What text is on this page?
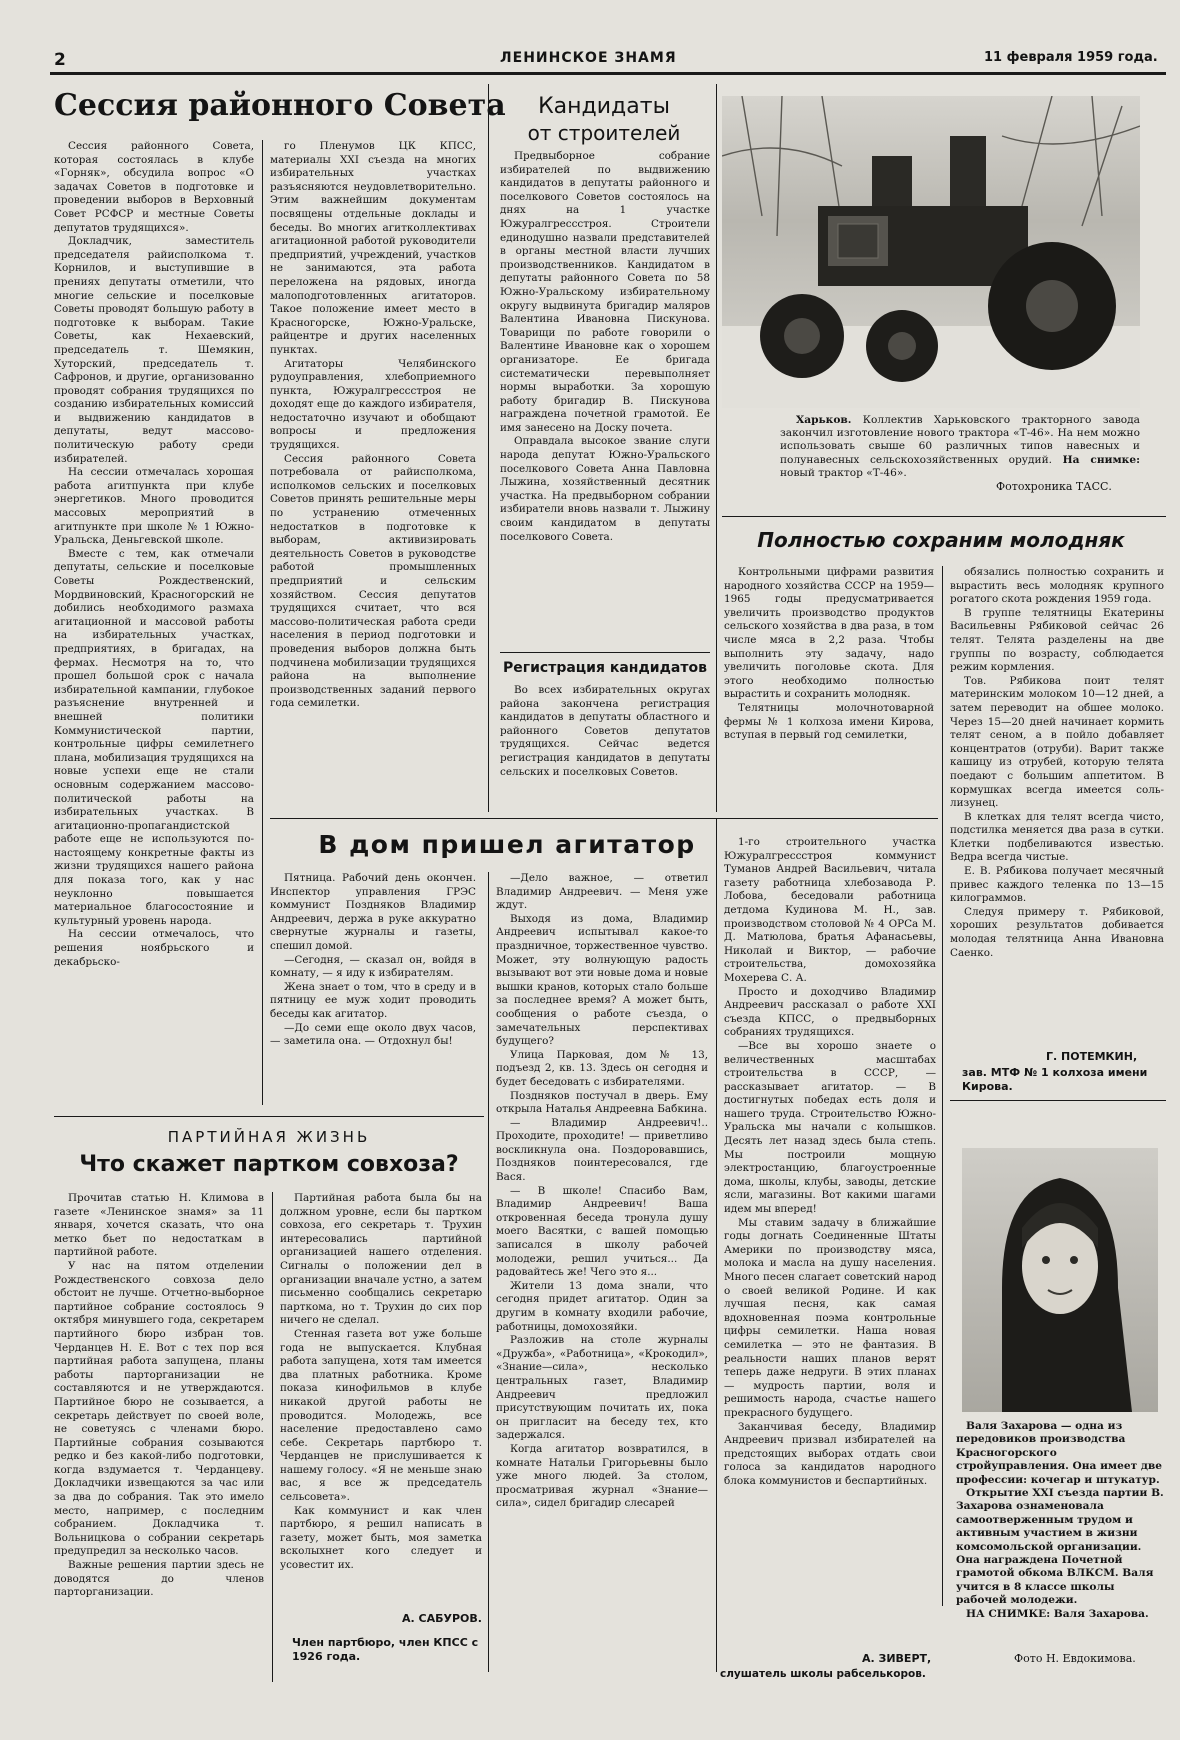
2	ЛЕНИНСКОЕ ЗНАМЯ	11 февраля 1959 года.
Сессия районного Совета

Сессия районного Совета, которая состоялась в клубе «Горняк», обсудила вопрос «О задачах Советов в подготовке и проведении выборов в Верховный Совет РСФСР и местные Советы депутатов трудящихся».

Докладчик, заместитель председателя райисполкома т. Корнилов, и выступившие в прениях депутаты отметили, что многие сельские и поселковые Советы проводят большую работу в подготовке к выборам. Такие Советы, как Нехаевский, председатель т. Шемякин, Хуторский, председатель т. Сафронов, и другие, организованно проводят собрания трудящихся по созданию избирательных комиссий и выдвижению кандидатов в депутаты, ведут массово-политическую работу среди избирателей.

На сессии отмечалась хорошая работа агитпункта при клубе энергетиков. Много проводится массовых мероприятий в агитпункте при школе № 1 Южно-Уральска, Деньгевской школе.

Вместе с тем, как отмечали депутаты, сельские и поселковые Советы Рождественский, Мордвиновский, Красногорский не добились необходимого размаха агитационной и массовой работы на избирательных участках, предприятиях, в бригадах, на фермах. Несмотря на то, что прошел большой срок с начала избирательной кампании, глубокое разъяснение внутренней и внешней политики Коммунистической партии, контрольные цифры семилетнего плана, мобилизация трудящихся на новые успехи еще не стали основным содержанием массово-политической работы на избирательных участках. В агитационно-пропагандистской работе еще не используются по-настоящему конкретные факты из жизни трудящихся нашего района для показа того, как у нас неуклонно повышается материальное благосостояние и культурный уровень народа.

На сессии отмечалось, что решения ноябрьского и декабрьско-

го Пленумов ЦК КПСС, материалы XXI съезда на многих избирательных участках разъясняются неудовлетворительно. Этим важнейшим документам посвящены отдельные доклады и беседы. Во многих агитколлективах агитационной работой руководители предприятий, учреждений, участков не занимаются, эта работа переложена на рядовых, иногда малоподготовленных агитаторов. Такое положение имеет место в Красногорске, Южно-Уральске, райцентре и других населенных пунктах.

Агитаторы Челябинского рудоуправления, хлебоприемного пункта, Южуралгрессстроя не доходят еще до каждого избирателя, недостаточно изучают и обобщают вопросы и предложения трудящихся.

Сессия районного Совета потребовала от райисполкома, исполкомов сельских и поселковых Советов принять решительные меры по устранению отмеченных недостатков в подготовке к выборам, активизировать деятельность Советов в руководстве работой промышленных предприятий и сельским хозяйством. Сессия депутатов трудящихся считает, что вся массово-политическая работа среди населения в период подготовки и проведения выборов должна быть подчинена мобилизации трудящихся района на выполнение производственных заданий первого года семилетки.

Кандидаты
от строителей

Предвыборное собрание избирателей по выдвижению кандидатов в депутаты районного и поселкового Советов состоялось на днях на 1 участке Южуралгрессстроя. Строители единодушно назвали представителей в органы местной власти лучших производственников. Кандидатом в депутаты районного Совета по 58 Южно-Уральскому избирательному округу выдвинута бригадир маляров Валентина Ивановна Пискунова. Товарищи по работе говорили о Валентине Ивановне как о хорошем организаторе. Ее бригада систематически перевыполняет нормы выработки. За хорошую работу бригадир В. Пискунова награждена почетной грамотой. Ее имя занесено на Доску почета.

Оправдала высокое звание слуги народа депутат Южно-Уральского поселкового Совета Анна Павловна Лыжина, хозяйственный десятник участка. На предвыборном собрании избиратели вновь назвали т. Лыжину своим кандидатом в депутаты поселкового Совета.

Регистрация кандидатов
Во всех избирательных округах района закончена регистрация кандидатов в депутаты областного и районного Советов депутатов трудящихся. Сейчас ведется регистрация кандидатов в депутаты сельских и поселковых Советов.
Харьков. Коллектив Харьковского тракторного завода закончил изготовление нового трактора «Т-46». На нем можно использовать свыше 60 различных типов навесных и полунавесных сельскохозяйственных орудий. На снимке: новый трактор «Т-46».
Фотохроника ТАСС.
Полностью сохраним молодняк

Контрольными цифрами развития народного хозяйства СССР на 1959—1965 годы предусматривается увеличить производство продуктов сельского хозяйства в два раза, в том числе мяса в 2,2 раза. Чтобы выполнить эту задачу, надо увеличить поголовье скота. Для этого необходимо полностью вырастить и сохранить молодняк.

Телятницы молочнотоварной фермы № 1 колхоза имени Кирова, вступая в первый год семилетки,

обязались полностью сохранить и вырастить весь молодняк крупного рогатого скота рождения 1959 года.

В группе телятницы Екатерины Васильевны Рябиковой сейчас 26 телят. Телята разделены на две группы по возрасту, соблюдается режим кормления.

Тов. Рябикова поит телят материнским молоком 10—12 дней, а затем переводит на обшее молоко. Через 15—20 дней начинает кормить телят сеном, а в пойло добавляет концентратов (отруби). Варит также кашицу из отрубей, которую телята поедают с большим аппетитом. В кормушках всегда имеется соль-лизунец.

В клетках для телят всегда чисто, подстилка меняется два раза в сутки. Клетки подбеливаются известью. Ведра всегда чистые.

Е. В. Рябикова получает месячный привес каждого теленка по 13—15 килограммов.

Следуя примеру т. Рябиковой, хороших результатов добивается молодая телятница Анна Ивановна Саенко.

Г. ПОТЕМКИН,
зав. МТФ № 1 колхоза имени Кирова.
В дом пришел агитатор

Пятница. Рабочий день окончен. Инспектор управления ГРЭС коммунист Поздняков Владимир Андреевич, держа в руке аккуратно свернутые журналы и газеты, спешил домой.

—Сегодня, — сказал он, войдя в комнату, — я иду к избирателям.

Жена знает о том, что в среду и в пятницу ее муж ходит проводить беседы как агитатор.

—До семи еще около двух часов, — заметила она. — Отдохнул бы!

—Дело важное, — ответил Владимир Андреевич. — Меня уже ждут.

Выходя из дома, Владимир Андреевич испытывал какое-то праздничное, торжественное чувство. Может, эту волнующую радость вызывают вот эти новые дома и новые вышки кранов, которых стало больше за последнее время? А может быть, сообщения о работе съезда, о замечательных перспективах будущего?

Улица Парковая, дом № 13, подъезд 2, кв. 13. Здесь он сегодня и будет беседовать с избирателями.

Поздняков постучал в дверь. Ему открыла Наталья Андреевна Бабкина.

— Владимир Андреевич!.. Проходите, проходите! — приветливо воскликнула она. Поздоровавшись, Поздняков поинтересовался, где Вася.

— В школе! Спасибо Вам, Владимир Андреевич! Ваша откровенная беседа тронула душу моего Васятки, с вашей помощью записался в школу рабочей молодежи, решил учиться... Да радовайтесь же! Чего это я...

Жители 13 дома знали, что сегодня придет агитатор. Один за другим в комнату входили рабочие, работницы, домохозяйки.

Разложив на столе журналы «Дружба», «Работница», «Крокодил», «Знание—сила», несколько центральных газет, Владимир Андреевич предложил присутствующим почитать их, пока он пригласит на беседу тех, кто задержался.

Когда агитатор возвратился, в комнате Натальи Григорьевны было уже много людей. За столом, просматривая журнал «Знание—сила», сидел бригадир слесарей

1-го строительного участка Южуралгрессстроя коммунист Туманов Андрей Васильевич, читала газету работница хлебозавода Р. Лобова, беседовали работница детдома Кудинова М. Н., зав. производством столовой № 4 ОРСа М. Д. Матюлова, братья Афанасьевы, Николай и Виктор, — рабочие строительства, домохозяйка Мохерева С. А.

Просто и доходчиво Владимир Андреевич рассказал о работе XXI съезда КПСС, о предвыборных собраниях трудящихся.

—Все вы хорошо знаете о величественных масштабах строительства в СССР, — рассказывает агитатор. — В достигнутых победах есть доля и нашего труда. Строительство Южно-Уральска мы начали с колышков. Десять лет назад здесь была степь. Мы построили мощную электростанцию, благоустроенные дома, школы, клубы, заводы, детские ясли, магазины. Вот какими шагами идем мы вперед!

Мы ставим задачу в ближайшие годы догнать Соединенные Штаты Америки по производству мяса, молока и масла на душу населения. Много песен слагает советский народ о своей великой Родине. И как лучшая песня, как самая вдохновенная поэма контрольные цифры семилетки. Наша новая семилетка — это не фантазия. В реальности наших планов верят теперь даже недруги. В этих планах — мудрость партии, воля и решимость народа, счастье нашего прекрасного будущего.

Заканчивая беседу, Владимир Андреевич призвал избирателей на предстоящих выборах отдать свои голоса за кандидатов народного блока коммунистов и беспартийных.

А. ЗИВЕРТ,
слушатель школы рабселькоров.
ПАРТИЙНАЯ ЖИЗНЬ
Что скажет партком совхоза?

Прочитав статью Н. Климова в газете «Ленинское знамя» за 11 января, хочется сказать, что она метко бьет по недостаткам в партийной работе.

У нас на пятом отделении Рождественского совхоза дело обстоит не лучше. Отчетно-выборное партийное собрание состоялось 9 октября минувшего года, секретарем партийного бюро избран тов. Черданцев Н. Е. Вот с тех пор вся партийная работа запущена, планы работы парторганизации не составляются и не утверждаются. Партийное бюро не созывается, а секретарь действует по своей воле, не советуясь с членами бюро. Партийные собрания созываются редко и без какой-либо подготовки, когда вздумается т. Черданцеву. Докладчики извещаются за час или за два до собрания. Так это имело место, например, с последним собранием. Докладчика т. Вольницкова о собрании секретарь предупредил за несколько часов.

Важные решения партии здесь не доводятся до членов парторганизации.

Партийная работа была бы на должном уровне, если бы партком совхоза, его секретарь т. Трухин интересовались партийной организацией нашего отделения. Сигналы о положении дел в организации вначале устно, а затем письменно сообщались секретарю парткома, но т. Трухин до сих пор ничего не сделал.

Стенная газета вот уже больше года не выпускается. Клубная работа запущена, хотя там имеется два платных работника. Кроме показа кинофильмов в клубе никакой другой работы не проводится. Молодежь, все население предоставлено само себе. Секретарь партбюро т. Черданцев не прислушивается к нашему голосу. «Я не меньше знаю вас, я все ж председатель сельсовета».

Как коммунист и как член партбюро, я решил написать в газету, может быть, моя заметка всколыхнет кого следует и усовестит их.

А. САБУРОВ.
Член партбюро, член КПСС с 1926 года.

Валя Захарова — одна из передовиков производства Красногорского стройуправления. Она имеет две профессии: кочегар и штукатур.

Открытие XXI съезда партии В. Захарова ознаменовала самоотверженным трудом и активным участием в жизни комсомольской организации. Она награждена Почетной грамотой обкома ВЛКСМ. Валя учится в 8 классе школы рабочей молодежи.

НА СНИМКЕ: Валя Захарова.

Фото Н. Евдокимова.
